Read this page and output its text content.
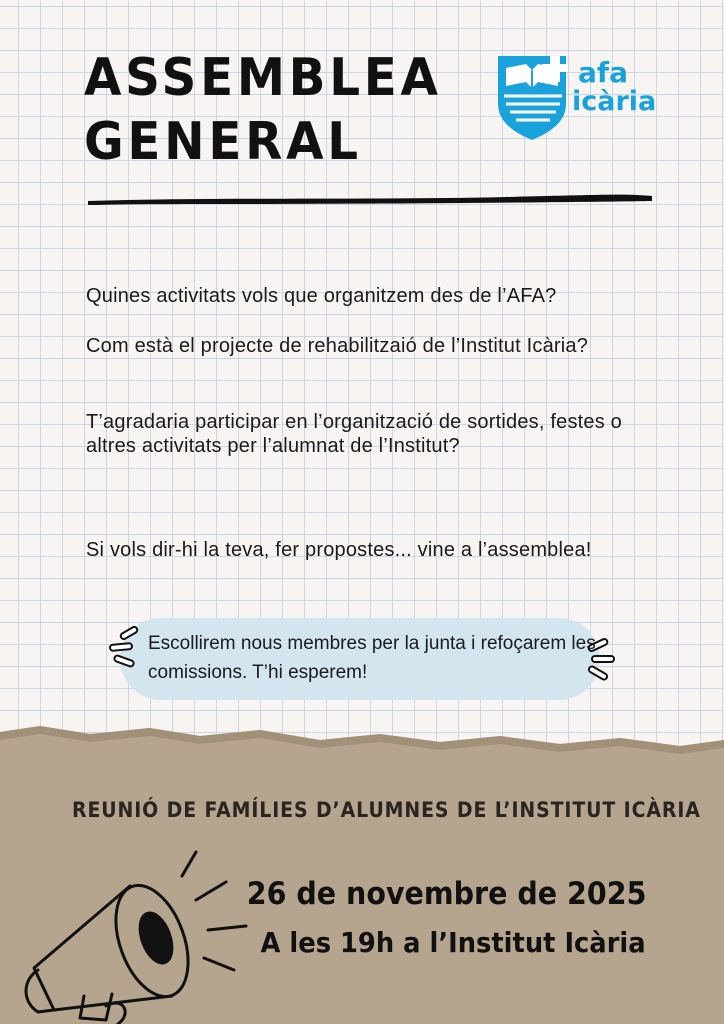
ASSEMBLEA
GENERAL
afa
icària

Quines activitats vols que organitzem des de l’AFA?

Com està el projecte de rehabilitzaió de l’Institut Icària?

T’agradaria participar en l’organització de sortides, festes o altres activitats per l’alumnat de l’Institut?

Si vols dir-hi la teva, fer propostes... vine a l’assemblea!

Escollirem nous membres per la junta i refoçarem les comissions. T’hi esperem!

REUNIÓ DE FAMÍLIES D’ALUMNES DE L’INSTITUT ICÀRIA

26 de novembre de 2025

A les 19h a l’Institut Icària
